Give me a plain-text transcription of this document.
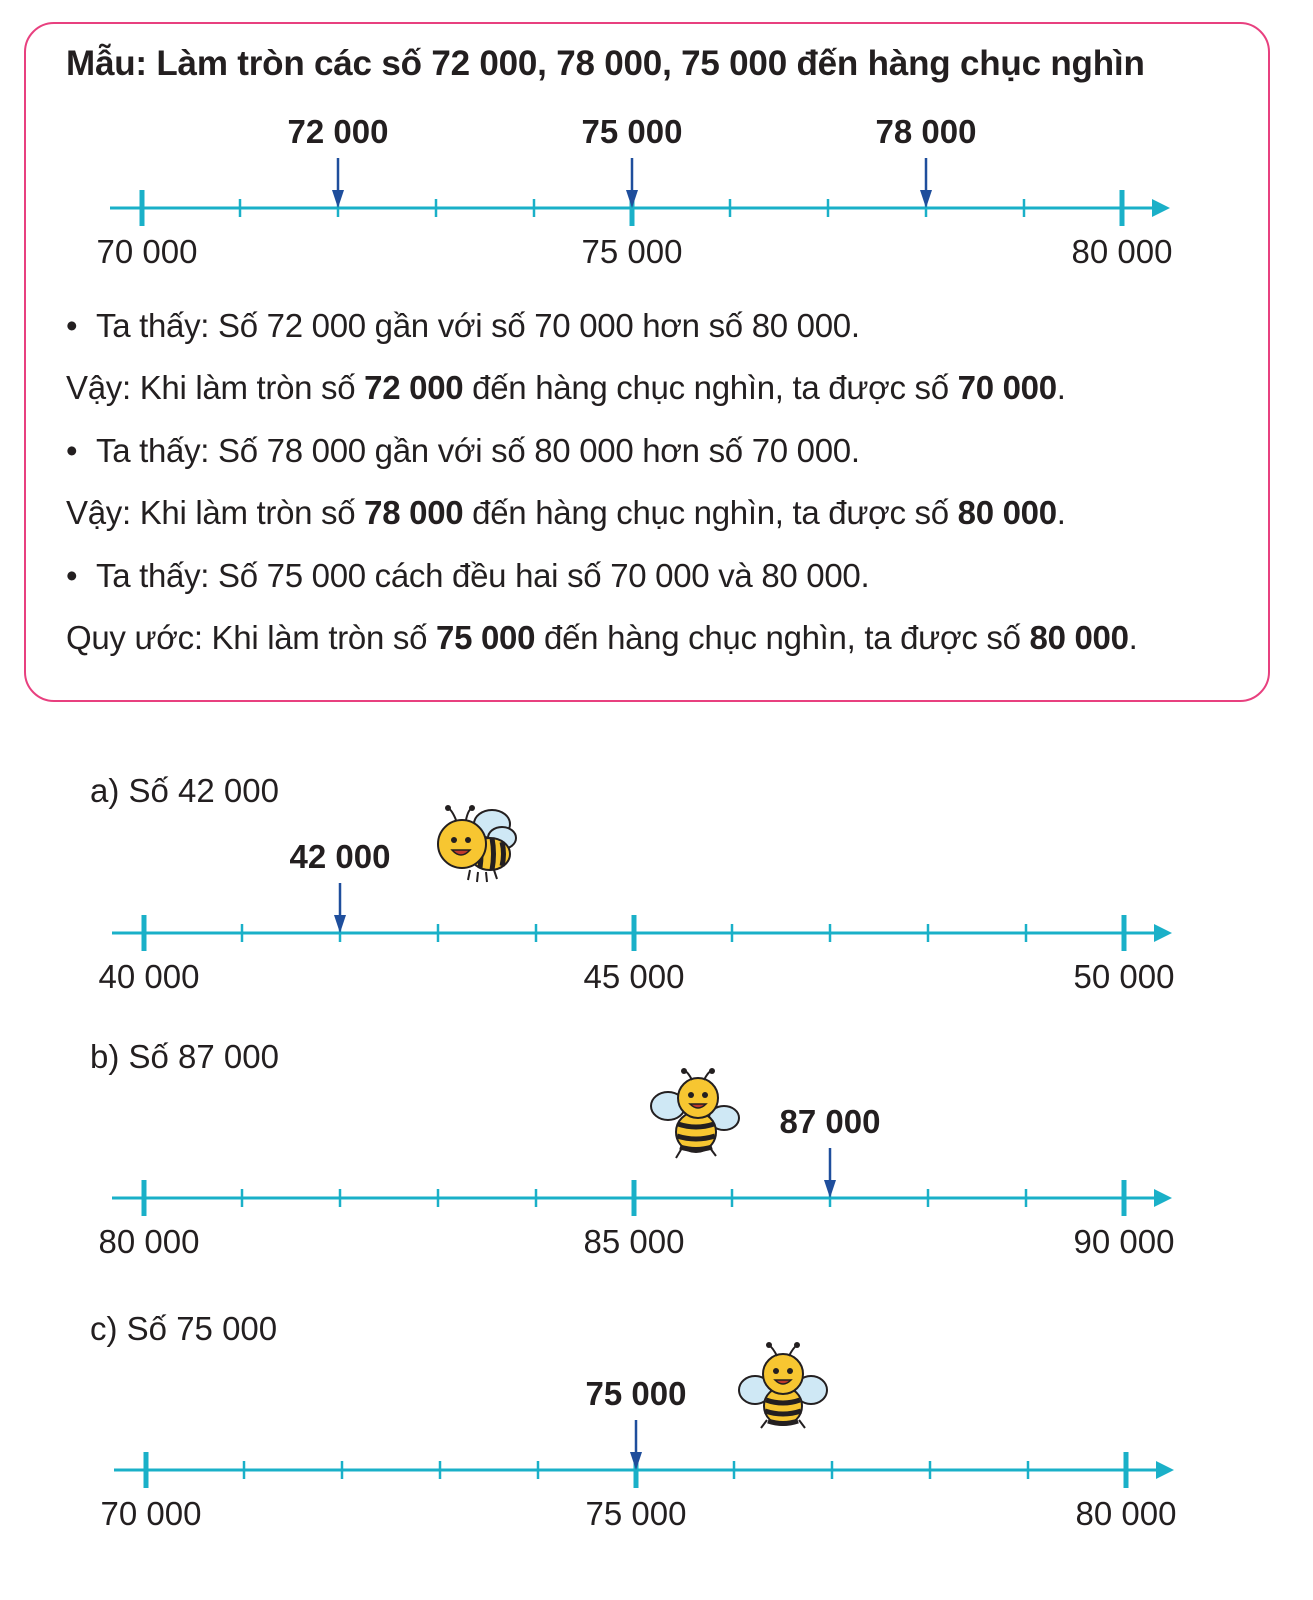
Mẫu: Làm tròn các số 72 000, 78 000, 75 000 đến hàng chục nghìn
72 000	75 000	78 000
70 000	75 000	80 000
• Ta thấy: Số 72 000 gần với số 70 000 hơn số 80 000.
Vậy: Khi làm tròn số 72 000 đến hàng chục nghìn, ta được số 70 000.
• Ta thấy: Số 78 000 gần với số 80 000 hơn số 70 000.
Vậy: Khi làm tròn số 78 000 đến hàng chục nghìn, ta được số 80 000.
• Ta thấy: Số 75 000 cách đều hai số 70 000 và 80 000.
Quy ước: Khi làm tròn số 75 000 đến hàng chục nghìn, ta được số 80 000.
a) Số 42 000
42 000
40 000	45 000	50 000
b) Số 87 000
87 000
80 000	85 000	90 000
c) Số 75 000
75 000
70 000	75 000	80 000
